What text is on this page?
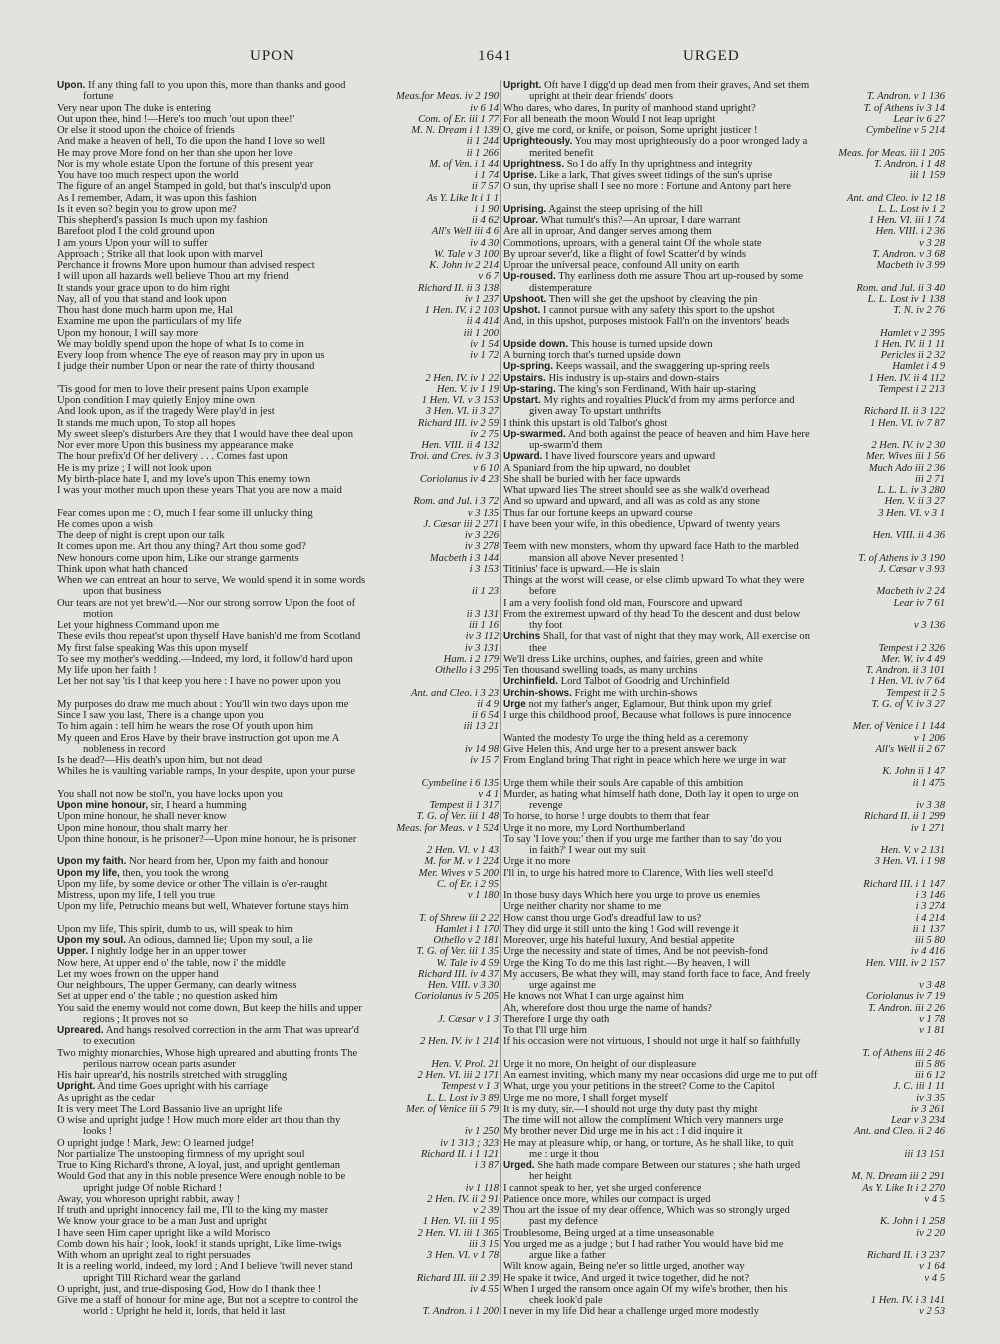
UPON	1641	URGED
Upon. If any thing fall to you upon this, more than thanks and good
fortune	Meas.for Meas. iv 2 190
Very near upon The duke is entering	iv 6 14
Out upon thee, hind !—Here's too much 'out upon thee!'	Com. of Er. iii 1 77
Or else it stood upon the choice of friends	M. N. Dream i 1 139
And make a heaven of hell, To die upon the hand I love so well	ii 1 244
He may prove More fond on her than she upon her love	ii 1 266
Nor is my whole estate Upon the fortune of this present year	M. of Ven. i 1 44
You have too much respect upon the world	i 1 74
The figure of an angel Stamped in gold, but that's insculp'd upon	ii 7 57
As I remember, Adam, it was upon this fashion	As Y. Like It i 1 1
Is it even so? begin you to grow upon me?	i 1 90
This shepherd's passion Is much upon my fashion	ii 4 62
Barefoot plod I the cold ground upon	All's Well iii 4 6
I am yours Upon your will to suffer	iv 4 30
Approach ; Strike all that look upon with marvel	W. Tale v 3 100
Perchance it frowns More upon humour than advised respect	K. John iv 2 214
I will upon all hazards well believe Thou art my friend	v 6 7
It stands your grace upon to do him right	Richard II. ii 3 138
Nay, all of you that stand and look upon	iv 1 237
Thou hast done much harm upon me, Hal	1 Hen. IV. i 2 103
Examine me upon the particulars of my life	ii 4 414
Upon my honour, I will say more	iii 1 200
We may boldly spend upon the hope of what Is to come in	iv 1 54
Every loop from whence The eye of reason may pry in upon us	iv 1 72
I judge their number Upon or near the rate of thirty thousand
2 Hen. IV. iv 1 22
'Tis good for men to love their present pains Upon example	Hen. V. iv 1 19
Upon condition I may quietly Enjoy mine own	1 Hen. VI. v 3 153
And look upon, as if the tragedy Were play'd in jest	3 Hen. VI. ii 3 27
It stands me much upon, To stop all hopes	Richard III. iv 2 59
My sweet sleep's disturbers Are they that I would have thee deal upon	iv 2 75
Nor ever more Upon this business my appearance make	Hen. VIII. ii 4 132
The hour prefix'd Of her delivery . . . Comes fast upon	Troi. and Cres. iv 3 3
He is my prize ; I will not look upon	v 6 10
My birth-place hate I, and my love's upon This enemy town	Coriolanus iv 4 23
I was your mother much upon these years That you are now a maid
Rom. and Jul. i 3 72
Fear comes upon me : O, much I fear some ill unlucky thing	v 3 135
He comes upon a wish	J. Cæsar iii 2 271
The deep of night is crept upon our talk	iv 3 226
It comes upon me. Art thou any thing? Art thou some god?	iv 3 278
New honours come upon him, Like our strange garments	Macbeth i 3 144
Think upon what hath chanced	i 3 153
When we can entreat an hour to serve, We would spend it in some words
upon that business	ii 1 23
Our tears are not yet brew'd.—Nor our strong sorrow Upon the foot of
motion	ii 3 131
Let your highness Command upon me	iii 1 16
These evils thou repeat'st upon thyself Have banish'd me from Scotland	iv 3 112
My first false speaking Was this upon myself	iv 3 131
To see my mother's wedding.—Indeed, my lord, it follow'd hard upon	Ham. i 2 179
My life upon her faith !	Othello i 3 295
Let her not say 'tis I that keep you here : I have no power upon you
Ant. and Cleo. i 3 23
My purposes do draw me much about : You'll win two days upon me	ii 4 9
Since I saw you last, There is a change upon you	ii 6 54
To him again : tell him he wears the rose Of youth upon him	iii 13 21
My queen and Eros Have by their brave instruction got upon me A
nobleness in record	iv 14 98
Is he dead?—His death's upon him, but not dead	iv 15 7
Whiles he is vaulting variable ramps, In your despite, upon your purse
Cymbeline i 6 135
You shall not now be stol'n, you have locks upon you	v 4 1
Upon mine honour, sir, I heard a humming	Tempest ii 1 317
Upon mine honour, he shall never know	T. G. of Ver. iii 1 48
Upon mine honour, thou shalt marry her	Meas. for Meas. v 1 524
Upon thine honour, is he prisoner?—Upon mine honour, he is prisoner
2 Hen. VI. v 1 43
Upon my faith. Nor heard from her, Upon my faith and honour	M. for M. v 1 224
Upon my life, then, you took the wrong	Mer. Wives v 5 200
Upon my life, by some device or other The villain is o'er-raught	C. of Er. i 2 95
Mistress, upon my life, I tell you true	v 1 180
Upon my life, Petruchio means but well, Whatever fortune stays him
T. of Shrew iii 2 22
Upon my life, This spirit, dumb to us, will speak to him	Hamlet i 1 170
Upon my soul. An odious, damned lie; Upon my soul, a lie	Othello v 2 181
Upper. I nightly lodge her in an upper tower	T. G. of Ver. iii 1 35
Now here, At upper end o' the table, now i' the middle	W. Tale iv 4 59
Let my woes frown on the upper hand	Richard III. iv 4 37
Our neighbours, The upper Germany, can dearly witness	Hen. VIII. v 3 30
Set at upper end o' the table ; no question asked him	Coriolanus iv 5 205
You said the enemy would not come down, But keep the hills and upper
regions ; It proves not so	J. Cæsar v 1 3
Upreared. And hangs resolved correction in the arm That was uprear'd
to execution	2 Hen. IV. iv 1 214
Two mighty monarchies, Whose high upreared and abutting fronts The
perilous narrow ocean parts asunder	Hen. V. Prol. 21
His hair uprear'd, his nostrils stretched with struggling	2 Hen. VI. iii 2 171
Upright. And time Goes upright with his carriage	Tempest v 1 3
As upright as the cedar	L. L. Lost iv 3 89
It is very meet The Lord Bassanio live an upright life	Mer. of Venice iii 5 79
O wise and upright judge ! How much more elder art thou than thy
looks !	iv 1 250
O upright judge ! Mark, Jew: O learned judge!	iv 1 313 ; 323
Nor partialize The unstooping firmness of my upright soul	Richard II. i 1 121
True to King Richard's throne, A loyal, just, and upright gentleman	i 3 87
Would God that any in this noble presence Were enough noble to be
upright judge Of noble Richard !	iv 1 118
Away, you whoreson upright rabbit, away !	2 Hen. IV. ii 2 91
If truth and upright innocency fail me, I'll to the king my master	v 2 39
We know your grace to be a man Just and upright	1 Hen. VI. iii 1 95
I have seen Him caper upright like a wild Morisco	2 Hen. VI. iii 1 365
Comb down his hair ; look, look! it stands upright, Like lime-twigs	iii 3 15
With whom an upright zeal to right persuades	3 Hen. VI. v 1 78
It is a reeling world, indeed, my lord ; And I believe 'twill never stand
upright Till Richard wear the garland	Richard III. iii 2 39
O upright, just, and true-disposing God, How do I thank thee !	iv 4 55
Give me a staff of honour for mine age, But not a sceptre to control the
world : Upright he held it, lords, that held it last	T. Andron. i 1 200
Upright. Oft have I digg'd up dead men from their graves, And set them
upright at their dear friends' doors	T. Andron. v 1 136
Who dares, who dares, In purity of manhood stand upright?	T. of Athens iv 3 14
For all beneath the moon Would I not leap upright	Lear iv 6 27
O, give me cord, or knife, or poison, Some upright justicer !	Cymbeline v 5 214
Uprighteously. You may most uprighteously do a poor wronged lady a
merited benefit	Meas. for Meas. iii 1 205
Uprightness. So I do affy In thy uprightness and integrity	T. Andron. i 1 48
Uprise. Like a lark, That gives sweet tidings of the sun's uprise	iii 1 159
O sun, thy uprise shall I see no more : Fortune and Antony part here
Ant. and Cleo. iv 12 18
Uprising. Against the steep uprising of the hill	L. L. Lost iv 1 2
Uproar. What tumult's this?—An uproar, I dare warrant	1 Hen. VI. iii 1 74
Are all in uproar, And danger serves among them	Hen. VIII. i 2 36
Commotions, uproars, with a general taint Of the whole state	v 3 28
By uproar sever'd, like a flight of fowl Scatter'd by winds	T. Andron. v 3 68
Uproar the universal peace, confound All unity on earth	Macbeth iv 3 99
Up-roused. Thy earliness doth me assure Thou art up-roused by some
distemperature	Rom. and Jul. ii 3 40
Upshoot. Then will she get the upshoot by cleaving the pin	L. L. Lost iv 1 138
Upshot. I cannot pursue with any safety this sport to the upshot	T. N. iv 2 76
And, in this upshot, purposes mistook Fall'n on the inventors' heads
Hamlet v 2 395
Upside down. This house is turned upside down	1 Hen. IV. ii 1 11
A burning torch that's turned upside down	Pericles ii 2 32
Up-spring. Keeps wassail, and the swaggering up-spring reels	Hamlet i 4 9
Upstairs. His industry is up-stairs and down-stairs	1 Hen. IV. ii 4 112
Up-staring. The king's son Ferdinand, With hair up-staring	Tempest i 2 213
Upstart. My rights and royalties Pluck'd from my arms perforce and
given away To upstart unthrifts	Richard II. ii 3 122
I think this upstart is old Talbot's ghost	1 Hen. VI. iv 7 87
Up-swarmed. And both against the peace of heaven and him Have here
up-swarm'd them	2 Hen. IV. iv 2 30
Upward. I have lived fourscore years and upward	Mer. Wives iii 1 56
A Spaniard from the hip upward, no doublet	Much Ado iii 2 36
She shall be buried with her face upwards	iii 2 71
What upward lies The street should see as she walk'd overhead	L. L. L. iv 3 280
And so upward and upward, and all was as cold as any stone	Hen. V. ii 3 27
Thus far our fortune keeps an upward course	3 Hen. VI. v 3 1
I have been your wife, in this obedience, Upward of twenty years
Hen. VIII. ii 4 36
Teem with new monsters, whom thy upward face Hath to the marbled
mansion all above Never presented !	T. of Athens iv 3 190
Titinius' face is upward.—He is slain	J. Cæsar v 3 93
Things at the worst will cease, or else climb upward To what they were
before	Macbeth iv 2 24
I am a very foolish fond old man, Fourscore and upward	Lear iv 7 61
From the extremest upward of thy head To the descent and dust below
thy foot	v 3 136
Urchins Shall, for that vast of night that they may work, All exercise on
thee	Tempest i 2 326
We'll dress Like urchins, ouphes, and fairies, green and white	Mer. W. iv 4 49
Ten thousand swelling toads, as many urchins	T. Andron. ii 3 101
Urchinfield. Lord Talbot of Goodrig and Urchinfield	1 Hen. VI. iv 7 64
Urchin-shows. Fright me with urchin-shows	Tempest ii 2 5
Urge not my father's anger, Eglamour, But think upon my grief	T. G. of V. iv 3 27
I urge this childhood proof, Because what follows is pure innocence
Mer. of Venice i 1 144
Wanted the modesty To urge the thing held as a ceremony	v 1 206
Give Helen this, And urge her to a present answer back	All's Well ii 2 67
From England bring That right in peace which here we urge in war
K. John ii 1 47
Urge them while their souls Are capable of this ambition	ii 1 475
Murder, as hating what himself hath done, Doth lay it open to urge on
revenge	iv 3 38
To horse, to horse ! urge doubts to them that fear	Richard II. ii 1 299
Urge it no more, my Lord Northumberland	iv 1 271
To say 'I love you:' then if you urge me farther than to say 'do you
in faith?' I wear out my suit	Hen. V. v 2 131
Urge it no more	3 Hen. VI. i 1 98
I'll in, to urge his hatred more to Clarence, With lies well steel'd
Richard III. i 1 147
In those busy days Which here you urge to prove us enemies	i 3 146
Urge neither charity nor shame to me	i 3 274
How canst thou urge God's dreadful law to us?	i 4 214
They did urge it still unto the king ! God will revenge it	ii 1 137
Moreover, urge his hateful luxury, And bestial appetite	iii 5 80
Urge the necessity and state of times, And be not peevish-fond	iv 4 416
Urge the King To do me this last right.—By heaven, I will	Hen. VIII. iv 2 157
My accusers, Be what they will, may stand forth face to face, And freely
urge against me	v 3 48
He knows not What I can urge against him	Coriolanus iv 7 19
Ah, wherefore dost thou urge the name of hands?	T. Andron. iii 2 26
Therefore I urge thy oath	v 1 78
To that I'll urge him	v 1 81
If his occasion were not virtuous, I should not urge it half so faithfully
T. of Athens iii 2 46
Urge it no more, On height of our displeasure	iii 5 86
An earnest inviting, which many my near occasions did urge me to put off	iii 6 12
What, urge you your petitions in the street? Come to the Capitol	J. C. iii 1 11
Urge me no more, I shall forget myself	iv 3 35
It is my duty, sir.—I should not urge thy duty past thy might	iv 3 261
The time will not allow the compliment Which very manners urge	Lear v 3 234
My brother never Did urge me in his act : I did inquire it	Ant. and Cleo. ii 2 46
He may at pleasure whip, or hang, or torture, As he shall like, to quit
me : urge it thou	iii 13 151
Urged. She hath made compare Between our statures ; she hath urged
her height	M. N. Dream iii 2 291
I cannot speak to her, yet she urged conference	As Y. Like It i 2 270
Patience once more, whiles our compact is urged	v 4 5
Thou art the issue of my dear offence, Which was so strongly urged
past my defence	K. John i 1 258
Troublesome, Being urged at a time unseasonable	iv 2 20
You urged me as a judge ; but I had rather You would have bid me
argue like a father	Richard II. i 3 237
Wilt know again, Being ne'er so little urged, another way	v 1 64
He spake it twice, And urged it twice together, did he not?	v 4 5
When I urged the ransom once again Of my wife's brother, then his
cheek look'd pale	1 Hen. IV. i 3 141
I never in my life Did hear a challenge urged more modestly	v 2 53
